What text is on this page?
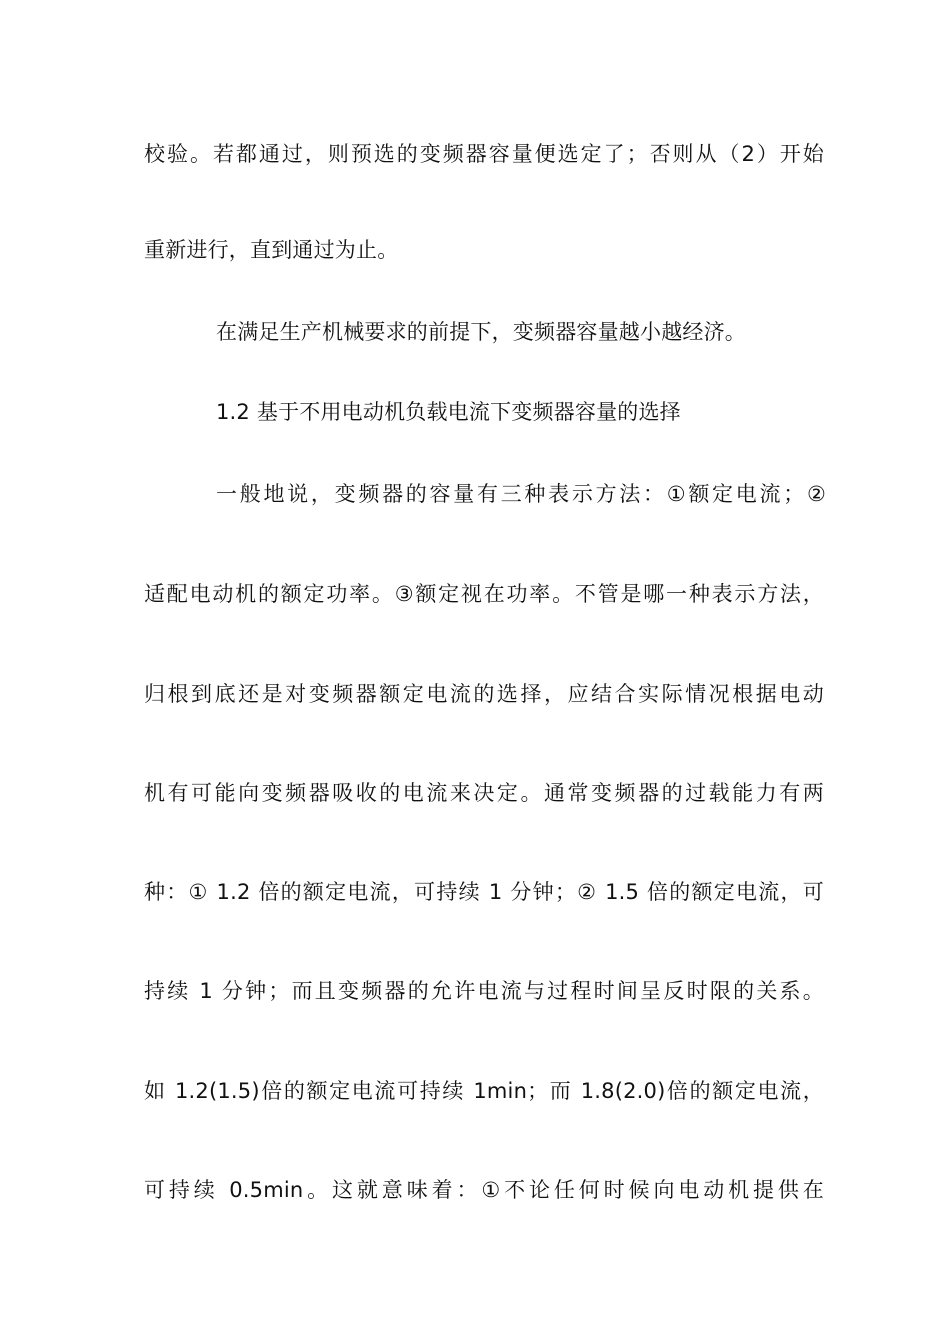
校验。若都通过，则预选的变频器容量便选定了；否则从（2）开始
重新进行，直到通过为止。
在满足生产机械要求的前提下，变频器容量越小越经济。
1.2 基于不用电动机负载电流下变频器容量的选择
一般地说，变频器的容量有三种表示方法：①额定电流；②
适配电动机的额定功率。③额定视在功率。不管是哪一种表示方法，
归根到底还是对变频器额定电流的选择，应结合实际情况根据电动
机有可能向变频器吸收的电流来决定。通常变频器的过载能力有两
种：① 1.2 倍的额定电流，可持续 1 分钟；② 1.5 倍的额定电流，可
持续 1 分钟；而且变频器的允许电流与过程时间呈反时限的关系。
如 1.2(1.5)倍的额定电流可持续 1min；而 1.8(2.0)倍的额定电流，
可持续 0.5min。这就意味着：①不论任何时候向电动机提供在
